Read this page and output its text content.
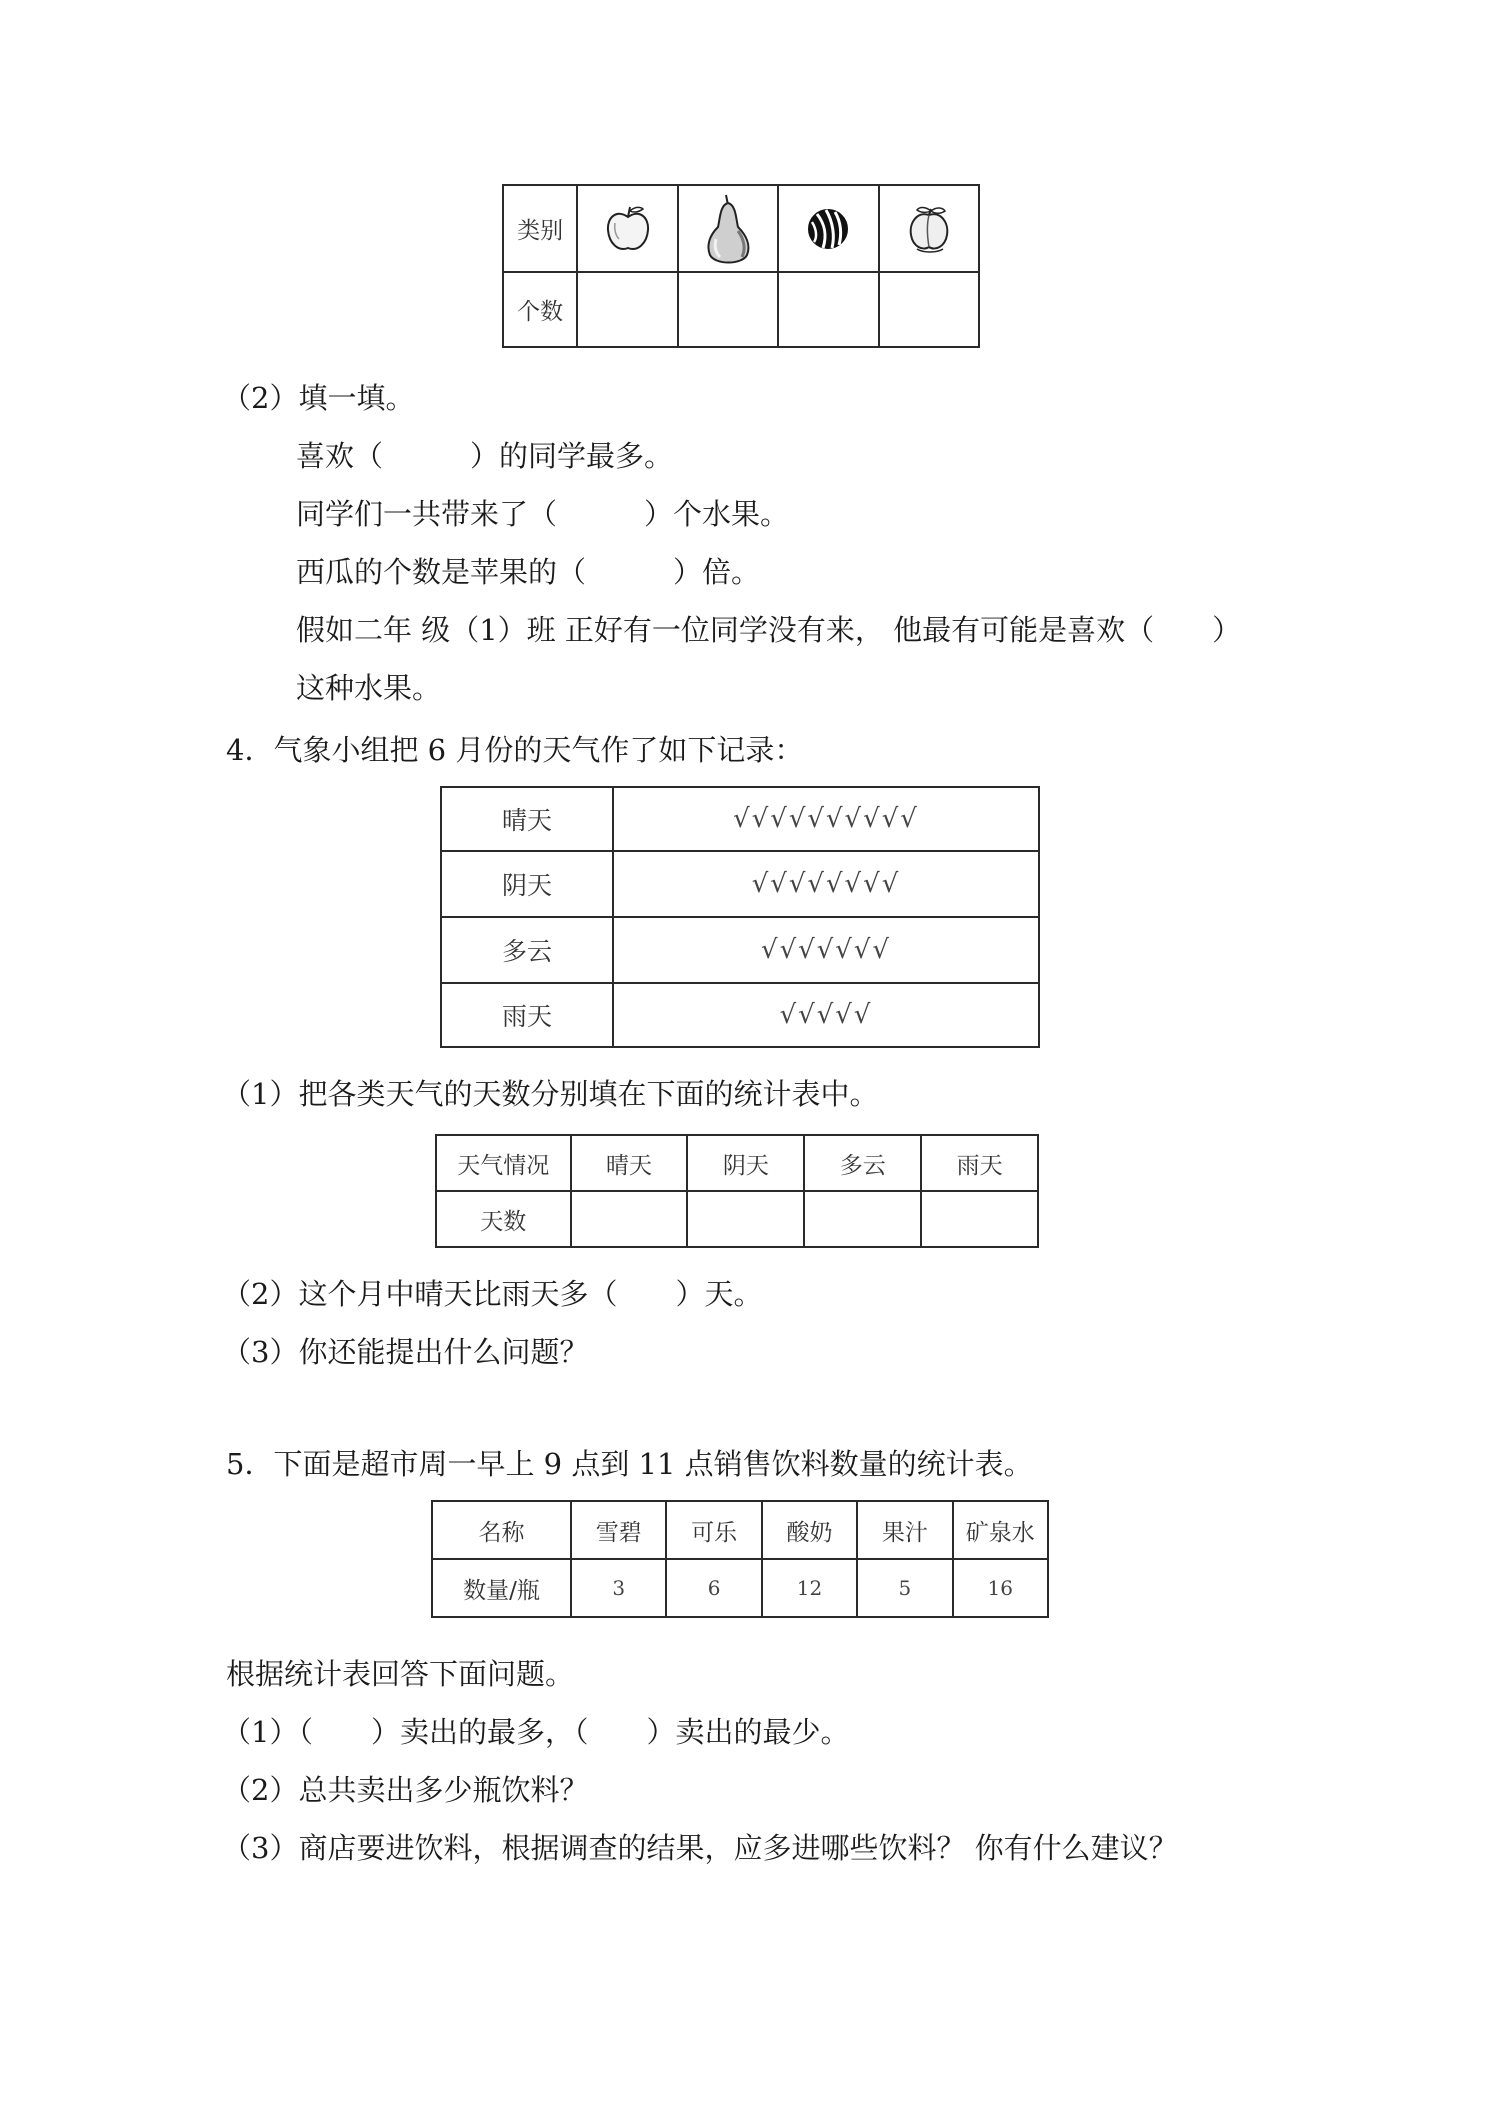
类别	

个数				
（2）填一填。
喜欢（　　　）的同学最多。
同学们一共带来了（　　　）个水果。
西瓜的个数是苹果的（　　　）倍。
假如二年 级（1）班 正好有一位同学没有来， 他最有可能是喜欢（　　）
这种水果。
4．气象小组把 6 月份的天气作了如下记录：
晴天	√√√√√√√√√√
阴天	√√√√√√√√
多云	√√√√√√√
雨天	√√√√√
（1）把各类天气的天数分别填在下面的统计表中。
天气情况	晴天	阴天	多云	雨天
天数				
（2）这个月中晴天比雨天多（　　）天。
（3）你还能提出什么问题？
5．下面是超市周一早上 9 点到 11 点销售饮料数量的统计表。
名称	雪碧	可乐	酸奶	果汁	矿泉水
数量/瓶	3	6	12	5	16
根据统计表回答下面问题。
（1）（　　）卖出的最多，（　　）卖出的最少。
（2）总共卖出多少瓶饮料？
（3）商店要进饮料，根据调查的结果，应多进哪些饮料？ 你有什么建议？
